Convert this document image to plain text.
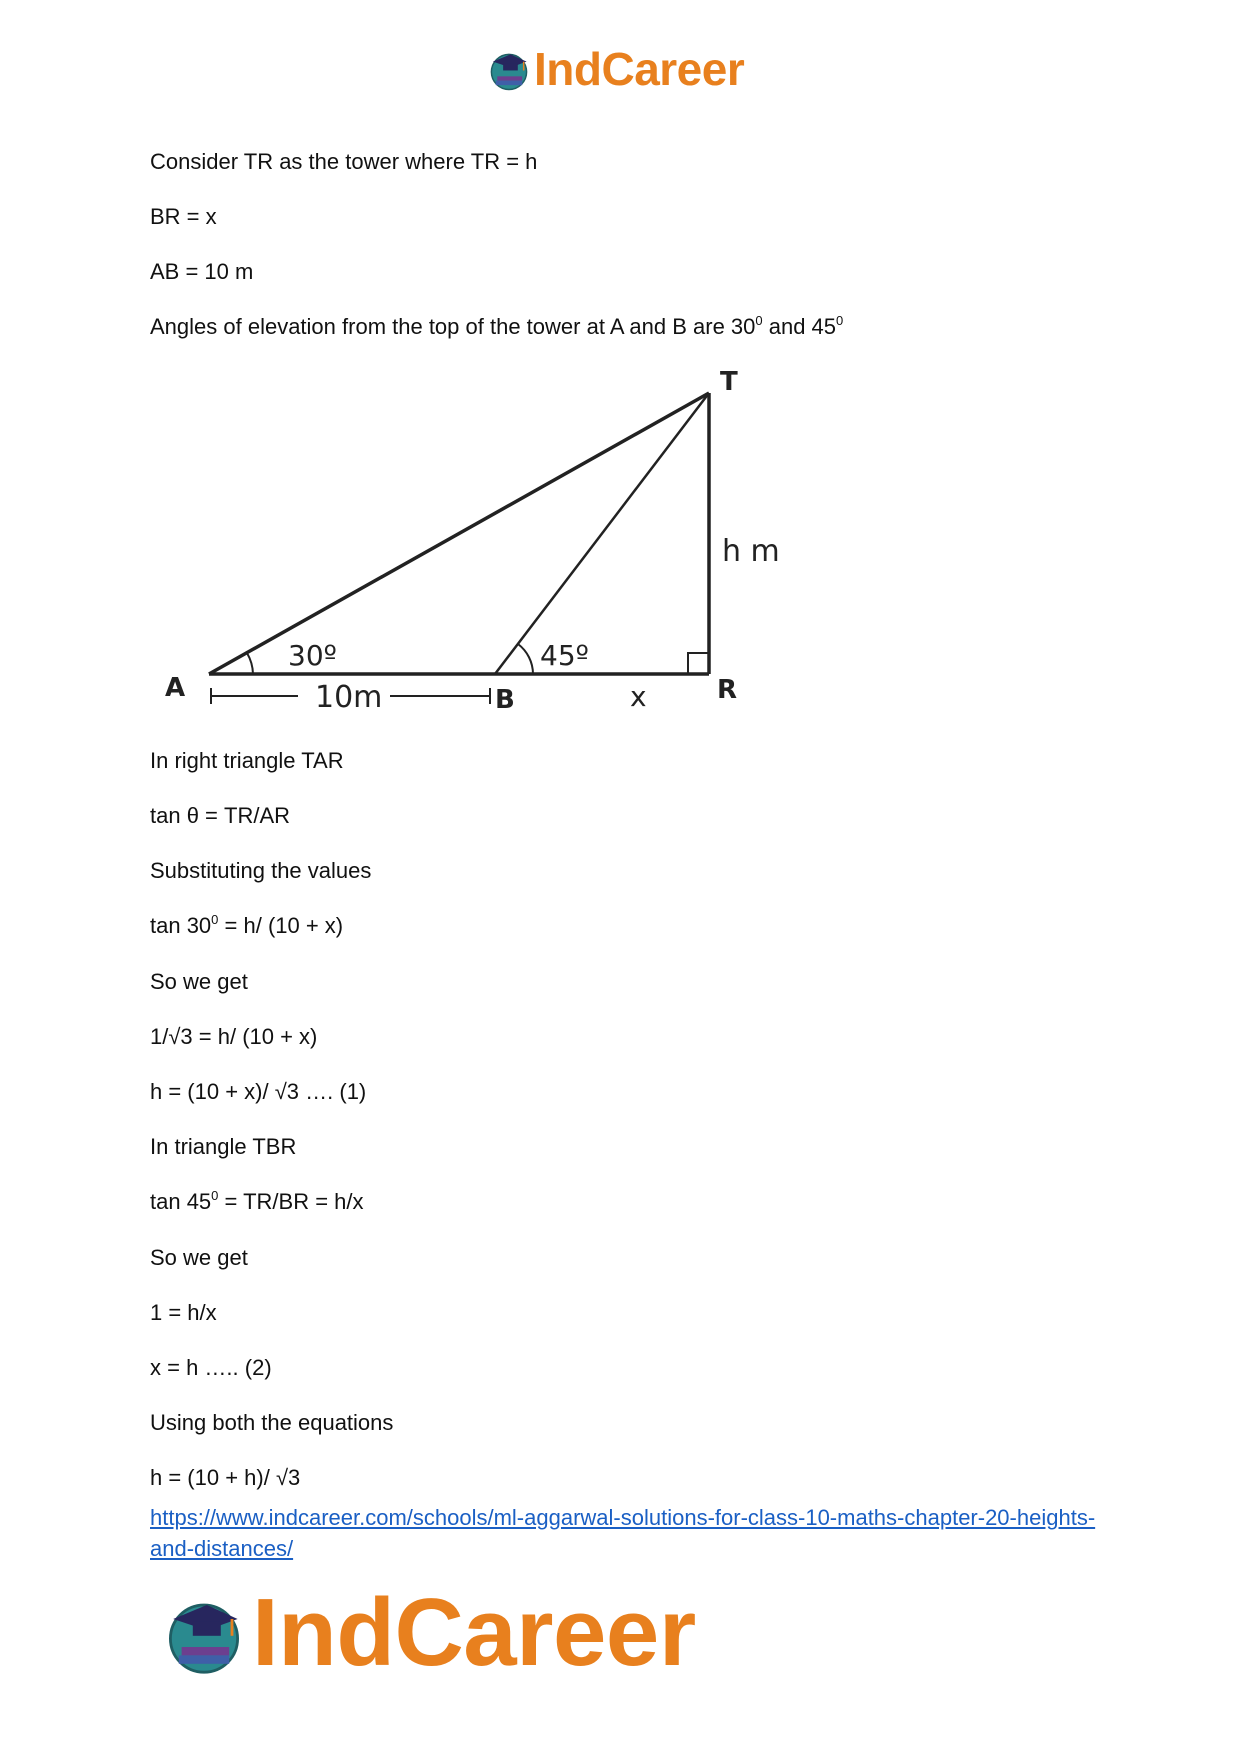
IndCareer

Consider TR as the tower where TR = h

BR = x

AB = 10 m

Angles of elevation from the top of the tower at A and B are $30^0$ and $45^0$

T
A	B	R
h m
30º	45º
10m	x

In right triangle TAR

tan θ = TR/AR

Substituting the values

$\tan 30^0 = h/$ (10 + x)

So we get

1/√3 = h/ (10 + x)

h = (10 + x)/ √3 …. (1)

In triangle TBR

$\tan 45^0 = TR/BR = h/x$

So we get

1 = h/x

x = h ….. (2)

Using both the equations

h = (10 + h)/ √3

https://www.indcareer.com/schools/ml-aggarwal-solutions-for-class-10-maths-chapter-20-heights-and-distances/
IndCareer
